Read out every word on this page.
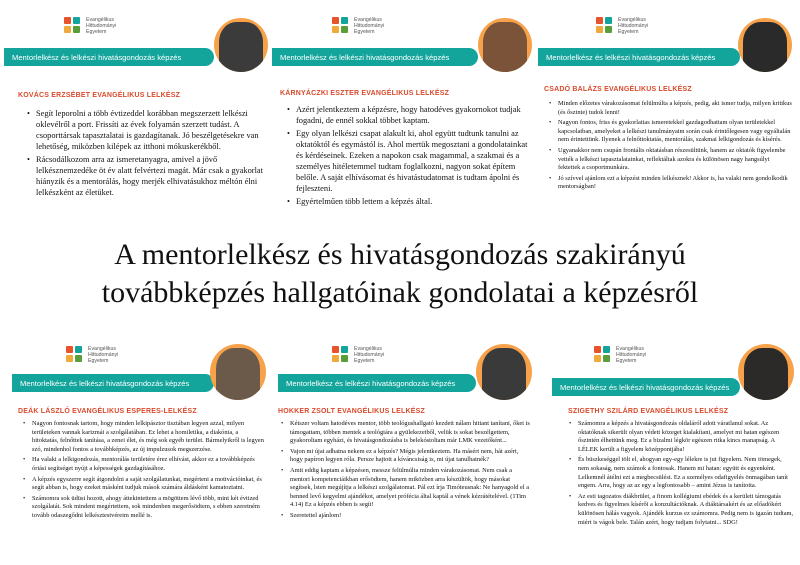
Evangélikus
Hittudományi
Egyetem
Mentorlelkész és lelkészi hivatásgondozás képzés
KOVÁCS ERZSÉBET EVANGÉLIKUS LELKÉSZ
• Segít leporolni a több évtizeddel korábban megszerzett lelkészi oklevélről a port. Frissíti az évek folyamán szerzett tudást. A csoporttársak tapasztalatai is gazdagítanak. Jó beszélgetésekre van lehetőség, miközben kilépek az itthoni mókuskerékből.
• Rácsodálkozom arra az ismeretanyagra, amivel a jövő lelkésznemzedéke öt év alatt felvértezi magát. Már csak a gyakorlat hiányzik és a mentorálás, hogy merjék elhivatásukhoz méltón élni lelkészként az életüket.
Evangélikus
Hittudományi
Egyetem
Mentorlelkész és lelkészi hivatásgondozás képzés
KÁRNYÁCZKI ESZTER EVANGÉLIKUS LELKÉSZ
• Azért jelentkeztem a képzésre, hogy hatodéves gyakornokot tudjak fogadni, de ennél sokkal többet kaptam.
• Egy olyan lelkészi csapat alakult ki, ahol együtt tudtunk tanulni az oktatóktól és egymástól is. Ahol mertük megosztani a gondolatainkat és kérdéseinek. Ezeken a napokon csak magammal, a szakmai és a személyes hitéletemmel tudtam foglalkozni, nagyon sokat építem belőle. A saját elhívásomat és hivatástudatomat is tudtam ápolni és fejleszteni.
• Egyértelműen több lettem a képzés által.
Evangélikus
Hittudományi
Egyetem
Mentorlelkész és lelkészi hivatásgondozás képzés
CSADÓ BALÁZS EVANGÉLIKUS LELKÉSZ
• Minden előzetes várakozásomat felülmúlta a képzés, pedig, aki ismer tudja, milyen kritikus (és őszinte) tudok lenni!
• Nagyon fontos, friss és gyakorlatias ismeretekkel gazdagodhattam olyan területekkel kapcsolatban, amelyeket a lelkészi tanulmányaim során csak érintőlegesen vagy egyáltalán nem érintettünk. Ilyenek a felnőttoktatás, mentorálás, szakmai lelkigondozás és kísérés.
• Ugyanakkor nem csupán frontális oktatásban részesültünk, hanem az oktatók figyelembe vették a lelkészi tapasztalatainkat, reflektáltak azokra és különösen nagy hangsúlyt fektettek a csoportmunkára.
• Jó szívvel ajánlom ezt a képzést minden lelkésznek! Akkor is, ha valaki nem gondolkodik mentorságban!
A mentorlelkész és hivatásgondozás szakirányú
továbbképzés hallgatóinak gondolatai a képzésről
Evangélikus
Hittudományi
Egyetem
Mentorlelkész és lelkészi hivatásgondozás képzés
DEÁK LÁSZLÓ EVANGÉLIKUS ESPERES-LELKÉSZ
• Nagyon fontosnak tartom, hogy minden lelkipásztor tisztában legyen azzal, milyen területeken vannak karizmái a szolgálatában. Ez lehet a homiletika, a diakónia, a hitoktatás, felnőttek tanítása, a zenei élet, és még sok egyéb terület. Bármelyikről is legyen szó, mindenhol fontos a továbbképzés, az új impulzusok megszerzése.
• Ha valaki a lelkigondozás, mentorálás területére érez elhívást, akkor ez a továbbképzés óriási segítséget nyújt a képességek gazdagításához.
• A képzés egyszerre segít átgondolni a saját szolgálatunkat, megérteni a motivációinkat, és segít abban is, hogy ezeket másként tudjuk mások számára áldásként kamatoztatni.
• Számomra sok üdüst hozott, ahogy áttekintettem a mögöttem lévő több, mint két évtized szolgálatát. Sok mindent megértettem, sok mindenben megerősödtem, s ebben szeretném tovább odaszegődni lelkésztestvéreim mellé is.
Evangélikus
Hittudományi
Egyetem
Mentorlelkész és lelkészi hivatásgondozás képzés
HOKKER ZSOLT EVANGÉLIKUS LELKÉSZ
• Kétszer voltam hatodéves mentor, több teológushallgató kezdett nálam hittant tanítani, őket is támogattam, többen mentek a teológiára a gyülekezetből, velük is sokat beszélgettem, gyakoroltam egyházi, és hivatásgondozásba is belekóstoltam már LMK vezetőként...
• Vajon mi újat adhatna nekem ez a képzés? Mégis jelentkeztem. Ha másért nem, hát azért, hogy papíron legyen róla. Persze hajtott a kíváncsiság is, mi újat tanulhatnék?
• Amit eddig kaptam a képzésen, messze felülmúlta minden várakozásomat. Nem csak a mentori kompetenciáikban erősödtem, hanem miközben arra készültök, hogy másokat segítsek, lsten megújítja a lelkészi szolgálatomat. Pál ezt írja Timóteusnak: Ne hanyagold el a benned levő kegyelmi ajándékot, amelyet prófécia által kaptál a vének kézrátételével. (1Tim 4.14) Ez a képzés ebben is segít!
• Szeretettel ajánlom!
Evangélikus
Hittudományi
Egyetem
Mentorlelkész és lelkészi hivatásgondozás képzés
SZIGETHY SZILÁRD EVANGÉLIKUS LELKÉSZ
• Számomra a képzés a hivatásgondozás oldaláról adott váratlanul sokat. Az oktatóknak sikerült olyan védett közeget kialakítani, amelyet mi hatan egészen őszintén élhettünk meg. Ez a bizalmi légkör egészen ritka kincs manapság. A LÉLEK került a figyelem középpontjába!
• És büszkeséggel tölt el, ahogyan egy-egy lélekre is jut figyelem. Nem tömegek, nem sokaság, nem számok a fontosak. Hanem mi hatan: együtt és egyenként. Lelkemnél átélni ezt a megbecsülést. Ez a személyes odafigyelés önmagában tanít engem. Arra, hogy az az egy a legfontosabb – amint Jézus is tanította.
• Az esti tagozatos diákbrület, a finom kollégiumi ebédek és a kerületi támogatás kedves és figyelmes kísérői a konzultációknak. A diáktársakért és az előadókért különösen hálás vagyok. Ajándék kurzus ez számomra. Pedig nem is igazán tudtam, miért is vágok bele. Talán azért, hogy tudjam folytatni... SDG!
